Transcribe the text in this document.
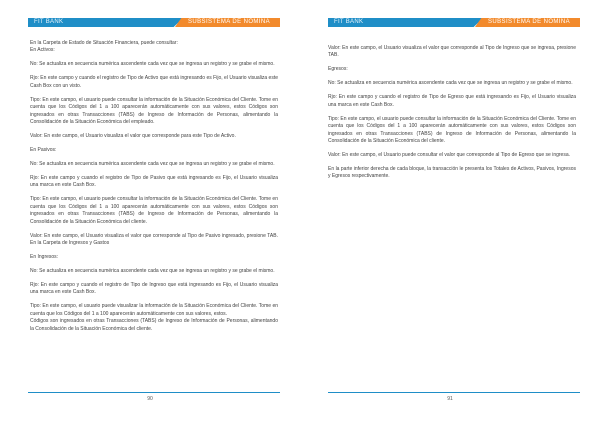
FIT BANK	SUBSISTEMA DE NÓMINA

En la Carpeta de Estado de Situación Financiera, puede consultar:
En Activos:

No: Se actualiza en secuencia numérica ascendente cada vez que se ingresa un registro y se grabe el mismo.

Rjo: En este campo y cuando el registro de Tipo de Activo que está ingresando es Fijo, el Usuario visualiza este Cash Box con un visto.

Tipo: En este campo, el usuario puede consultar la información de la Situación Económica del Cliente. Tome en cuenta que los Códigos del 1 a 100 aparecerán automáticamente con sus valores, estos Códigos son ingresados en otras Transacciones (TABS) de Ingreso de Información de Personas, alimentando la Consolidación de la Situación Económica del empleado.

Valor: En este campo, el Usuario visualiza el valor que corresponde para este Tipo de Activo.

En Pasivos:

No: Se actualiza en secuencia numérica ascendente cada vez que se ingresa un registro y se grabe el mismo.

Rjo: En este campo y cuando el registro de Tipo de Pasivo que está ingresando es Fijo, el Usuario visualiza una marca en este Cash Box.

Tipo: En este campo, el usuario puede consultar la información de la Situación Económica del Cliente. Tome en cuenta que los Códigos del 1 a 100 aparecerán automáticamente con sus valores, estos Códigos son ingresados en otras Transacciones (TABS) de Ingreso de Información de Personas, alimentando la Consolidación de la Situación Económica del cliente.

Valor: En este campo, el Usuario visualiza el valor que corresponde al Tipo de Pasivo ingresado, presione TAB. En la Carpeta de Ingresos y Gastos

En Ingresos:

No: Se actualiza en secuencia numérica ascendente cada vez que se ingresa un registro y se grabe el mismo.

Rjo: En este campo y cuando el registro de Tipo de Ingreso que está ingresando es Fijo, el Usuario visualiza una marca en este Cash Box.

Tipo: En este campo, el usuario puede visualizar la información de la Situación Económica del Cliente. Tome en cuenta que los Códigos del 1 a 100 aparecerán automáticamente con sus valores, estos.
Códigos son ingresados en otras Transacciones (TABS) de Ingreso de Información de Personas, alimentando la Consolidación de la Situación Económica del cliente.

90
FIT BANK	SUBSISTEMA DE NÓMINA

Valor: En este campo, el Usuario visualiza el valor que corresponde al Tipo de Ingreso que se ingresa, presione TAB.

Egresos:

No: Se actualiza en secuencia numérica ascendente cada vez que se ingresa un registro y se grabe el mismo.

Rjo: En este campo y cuando el registro de Tipo de Egreso que está ingresando es Fijo, el Usuario visualiza una marca en este Cash Box.

Tipo: En este campo, el usuario puede consultar la información de la Situación Económica del Cliente. Tome en cuenta que los Códigos del 1 a 100 aparecerán automáticamente con sus valores, estos Códigos son ingresados en otras Transacciones (TABS) de Ingreso de Información de Personas, alimentando la Consolidación de la Situación Económica del cliente.

Valor: En este campo, el Usuario puede consultar el valor que corresponde al Tipo de Egreso que se ingresa.

En la parte inferior derecha de cada bloque, la transacción le presenta los Totales de Activos, Pasivos, Ingresos y Egresos respectivamente.

91
